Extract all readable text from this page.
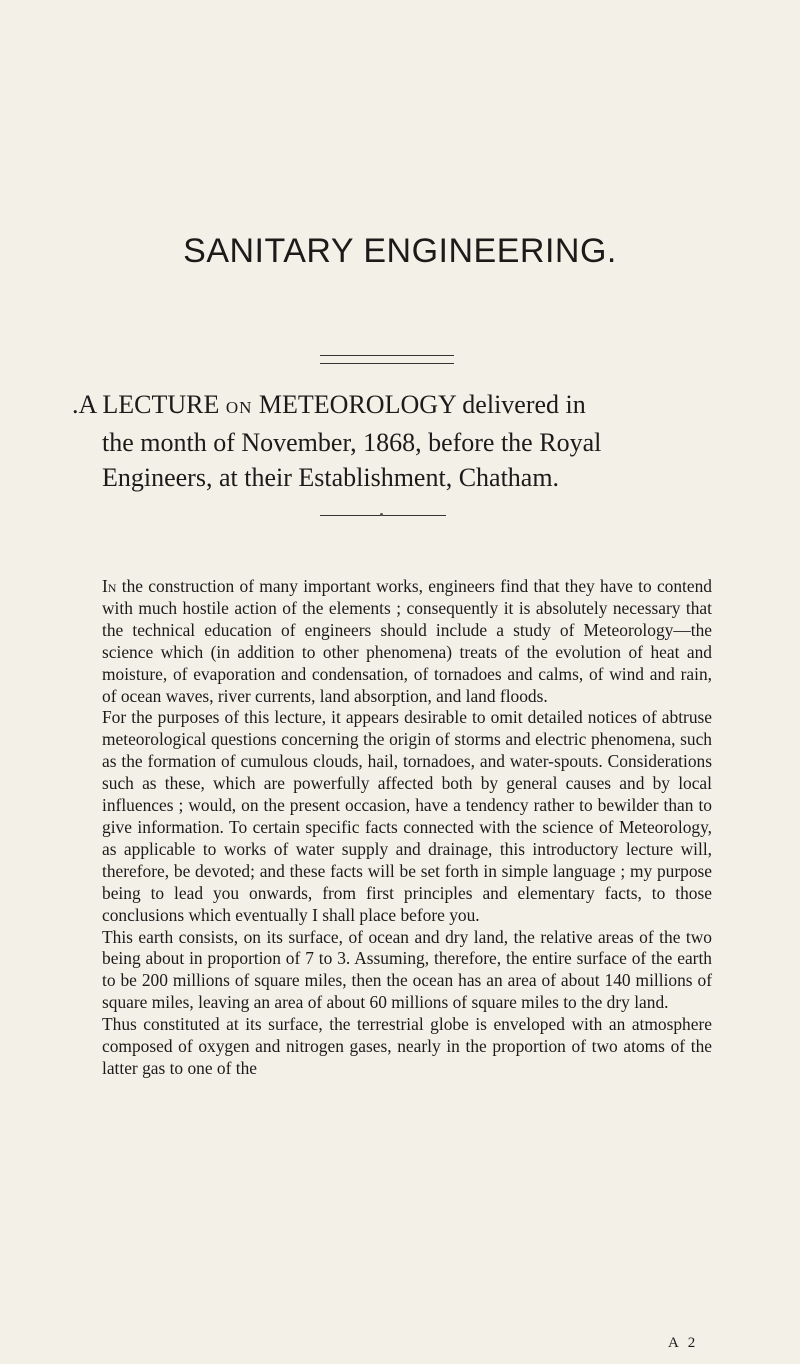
SANITARY ENGINEERING.
.A LECTURE ON METEOROLOGY delivered in
the month of November, 1868, before the Royal
Engineers, at their Establishment, Chatham.

In the construction of many important works, engineers find that they have to contend with much hostile action of the elements ; consequently it is absolutely necessary that the technical education of engineers should include a study of Meteorology—the science which (in addition to other phenomena) treats of the evolution of heat and moisture, of evaporation and condensation, of tornadoes and calms, of wind and rain, of ocean waves, river currents, land absorption, and land floods.

For the purposes of this lecture, it appears desirable to omit detailed notices of abtruse meteorological questions concerning the origin of storms and electric phenomena, such as the formation of cumulous clouds, hail, tornadoes, and water-spouts. Considerations such as these, which are powerfully affected both by general causes and by local influences ; would, on the present occasion, have a tendency rather to bewilder than to give information. To certain specific facts connected with the science of Meteorology, as applicable to works of water supply and drainage, this introductory lecture will, therefore, be devoted; and these facts will be set forth in simple language ; my purpose being to lead you onwards, from first principles and elementary facts, to those conclusions which eventually I shall place before you.

This earth consists, on its surface, of ocean and dry land, the relative areas of the two being about in proportion of 7 to 3. Assuming, therefore, the entire surface of the earth to be 200 millions of square miles, then the ocean has an area of about 140 millions of square miles, leaving an area of about 60 millions of square miles to the dry land.

Thus constituted at its surface, the terrestrial globe is enveloped with an atmosphere composed of oxygen and nitrogen gases, nearly in the proportion of two atoms of the latter gas to one of the

A 2
